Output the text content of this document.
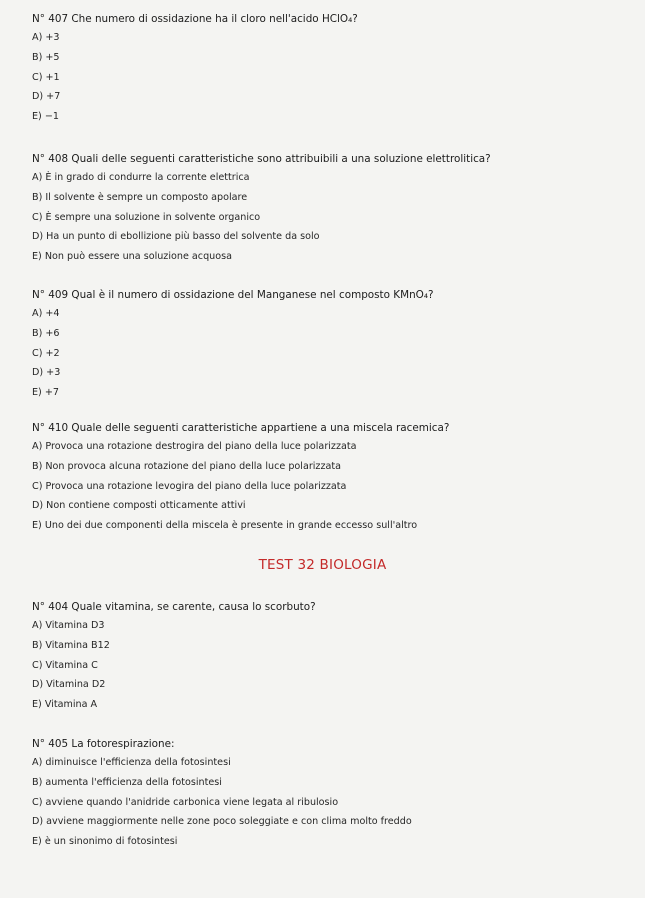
N° 407 Che numero di ossidazione ha il cloro nell'acido HClO₄?
A) +3
B) +5
C) +1
D) +7
E) −1
N° 408 Quali delle seguenti caratteristiche sono attribuibili a una soluzione elettrolitica?
A) È in grado di condurre la corrente elettrica
B) Il solvente è sempre un composto apolare
C) È sempre una soluzione in solvente organico
D) Ha un punto di ebollizione più basso del solvente da solo
E) Non può essere una soluzione acquosa
N° 409 Qual è il numero di ossidazione del Manganese nel composto KMnO₄?
A) +4
B) +6
C) +2
D) +3
E) +7
N° 410 Quale delle seguenti caratteristiche appartiene a una miscela racemica?
A) Provoca una rotazione destrogira del piano della luce polarizzata
B) Non provoca alcuna rotazione del piano della luce polarizzata
C) Provoca una rotazione levogira del piano della luce polarizzata
D) Non contiene composti otticamente attivi
E) Uno dei due componenti della miscela è presente in grande eccesso sull'altro
TEST 32 BIOLOGIA
N° 404 Quale vitamina, se carente, causa lo scorbuto?
A) Vitamina D3
B) Vitamina B12
C) Vitamina C
D) Vitamina D2
E) Vitamina A
N° 405 La fotorespirazione:
A) diminuisce l'efficienza della fotosintesi
B) aumenta l'efficienza della fotosintesi
C) avviene quando l'anidride carbonica viene legata al ribulosio
D) avviene maggiormente nelle zone poco soleggiate e con clima molto freddo
E) è un sinonimo di fotosintesi
